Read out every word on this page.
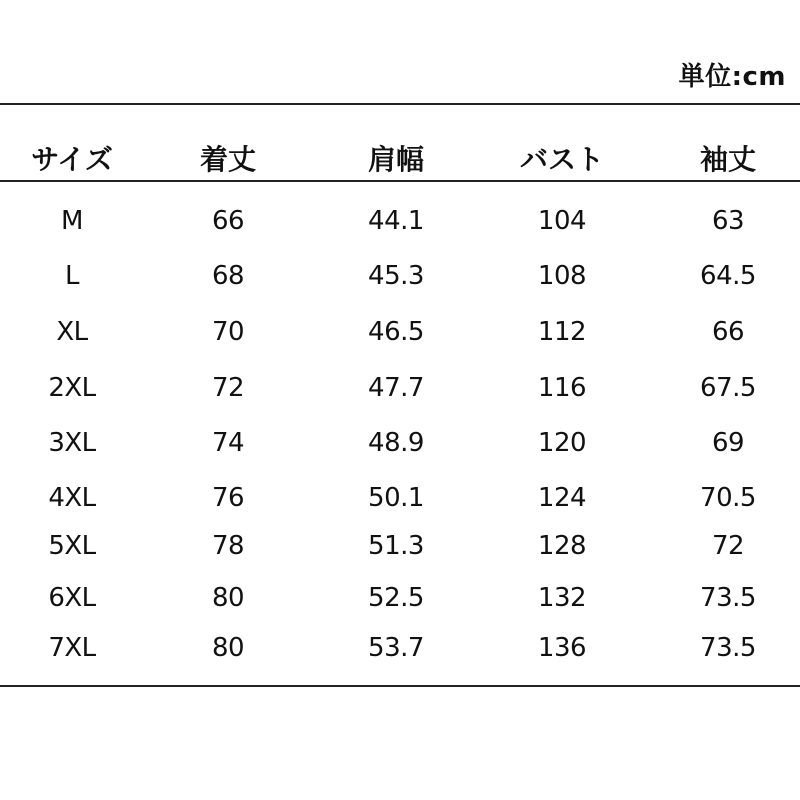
単位:cm
サイズ	着丈	肩幅	バスト	袖丈
M	66	44.1	104	63
L	68	45.3	108	64.5
XL	70	46.5	112	66
2XL	72	47.7	116	67.5
3XL	74	48.9	120	69
4XL	76	50.1	124	70.5
5XL	78	51.3	128	72
6XL	80	52.5	132	73.5
7XL	80	53.7	136	73.5
